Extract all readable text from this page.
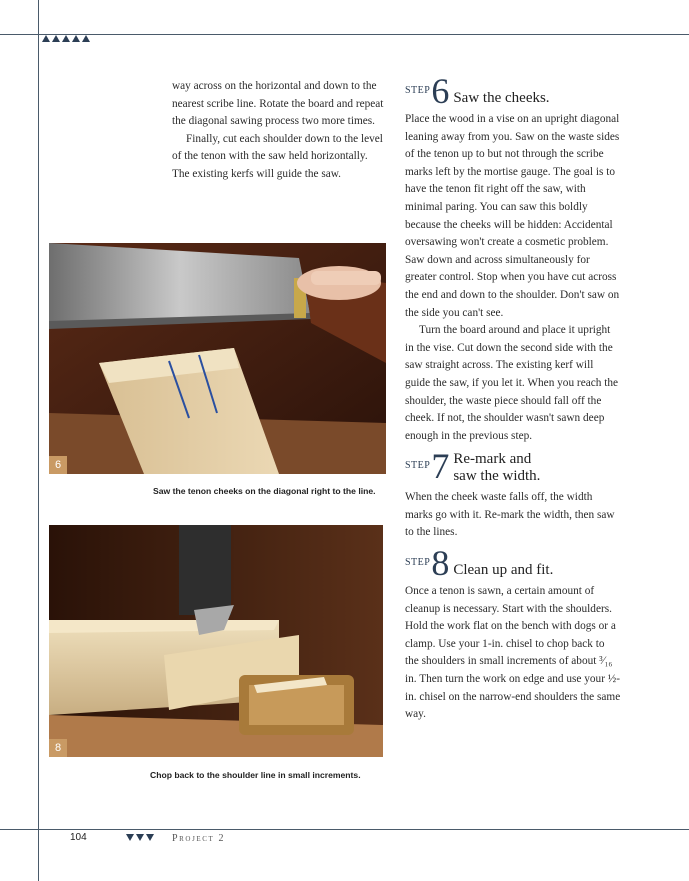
way across on the horizontal and down to the nearest scribe line. Rotate the board and repeat the diagonal sawing process two more times.

Finally, cut each shoulder down to the level of the tenon with the saw held horizontally. The existing kerfs will guide the saw.

6
Saw the tenon cheeks on the diagonal right to the line.
8
Chop back to the shoulder line in small increments.
STEP 6 Saw the cheeks.

Place the wood in a vise on an upright diagonal leaning away from you. Saw on the waste sides of the tenon up to but not through the scribe marks left by the mortise gauge. The goal is to have the tenon fit right off the saw, with minimal paring. You can saw this boldly because the cheeks will be hidden: Accidental oversawing won't create a cosmetic problem. Saw down and across simultaneously for greater control. Stop when you have cut across the end and down to the shoulder. Don't saw on the side you can't see.

Turn the board around and place it upright in the vise. Cut down the second side with the saw straight across. The existing kerf will guide the saw, if you let it. When you reach the shoulder, the waste piece should fall off the cheek. If not, the shoulder wasn't sawn deep enough in the previous step.

STEP 7 Re-mark and
saw the width.

When the cheek waste falls off, the width marks go with it. Re-mark the width, then saw to the lines.

STEP 8 Clean up and fit.

Once a tenon is sawn, a certain amount of cleanup is necessary. Start with the shoulders. Hold the work flat on the bench with dogs or a clamp. Use your 1-in. chisel to chop back to the shoulders in small increments of about ³⁄₁₆ in. Then turn the work on edge and use your ½-in. chisel on the narrow-end shoulders the same way.

104	Project 2
